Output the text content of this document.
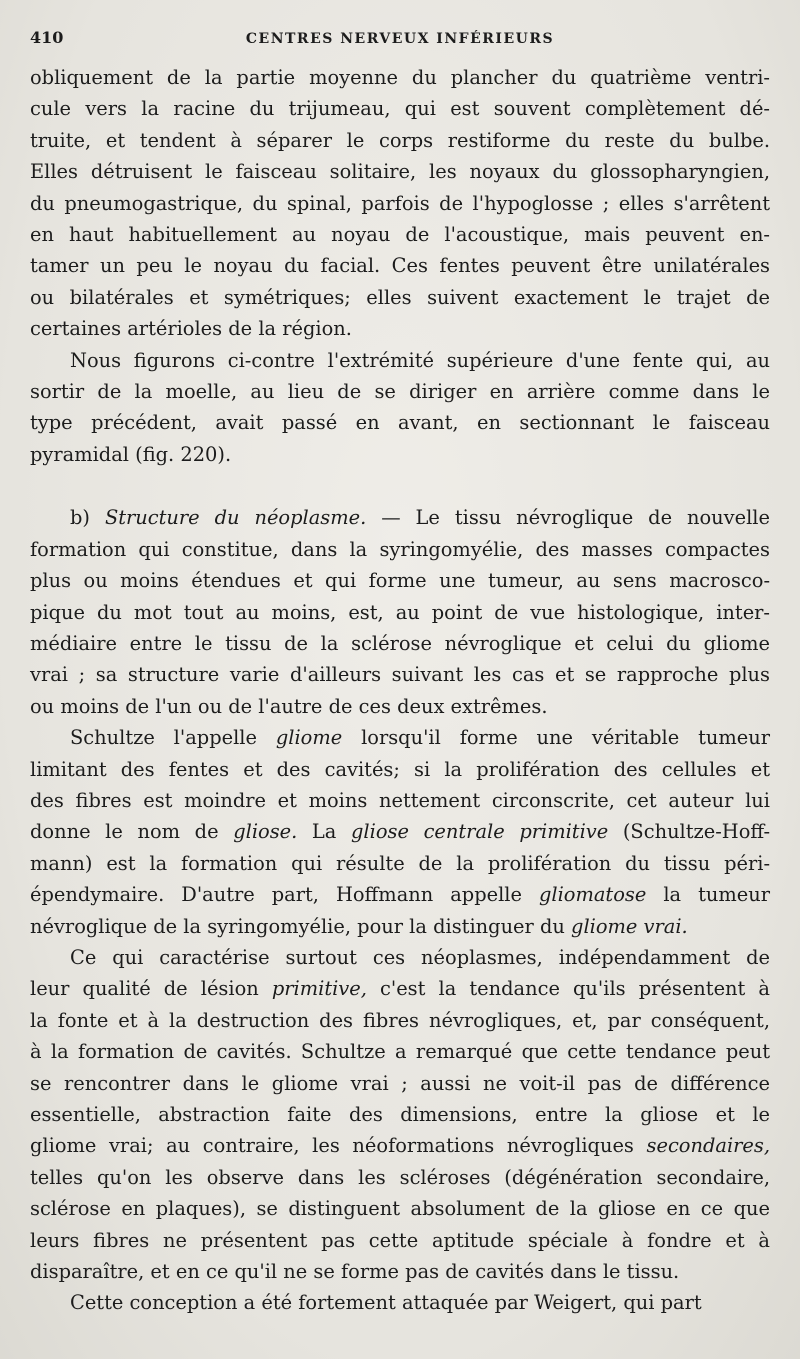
410	CENTRES NERVEUX INFÉRIEURS
obliquement de la partie moyenne du plancher du quatrième ventri-
cule vers la racine du trijumeau, qui est souvent complètement dé-
truite, et tendent à séparer le corps restiforme du reste du bulbe.
Elles détruisent le faisceau solitaire, les noyaux du glossopharyngien,
du pneumogastrique, du spinal, parfois de l'hypoglosse ; elles s'arrêtent
en haut habituellement au noyau de l'acoustique, mais peuvent en-
tamer un peu le noyau du facial. Ces fentes peuvent être unilatérales
ou bilatérales et symétriques; elles suivent exactement le trajet de
certaines artérioles de la région.
Nous figurons ci-contre l'extrémité supérieure d'une fente qui, au
sortir de la moelle, au lieu de se diriger en arrière comme dans le
type précédent, avait passé en avant, en sectionnant le faisceau
pyramidal (fig. 220).
b) Structure du néoplasme. — Le tissu névroglique de nouvelle
formation qui constitue, dans la syringomyélie, des masses compactes
plus ou moins étendues et qui forme une tumeur, au sens macrosco-
pique du mot tout au moins, est, au point de vue histologique, inter-
médiaire entre le tissu de la sclérose névroglique et celui du gliome
vrai ; sa structure varie d'ailleurs suivant les cas et se rapproche plus
ou moins de l'un ou de l'autre de ces deux extrêmes.
Schultze l'appelle gliome lorsqu'il forme une véritable tumeur
limitant des fentes et des cavités; si la prolifération des cellules et
des fibres est moindre et moins nettement circonscrite, cet auteur lui
donne le nom de gliose. La gliose centrale primitive (Schultze-Hoff-
mann) est la formation qui résulte de la prolifération du tissu péri-
épendymaire. D'autre part, Hoffmann appelle gliomatose la tumeur
névroglique de la syringomyélie, pour la distinguer du gliome vrai.
Ce qui caractérise surtout ces néoplasmes, indépendamment de
leur qualité de lésion primitive, c'est la tendance qu'ils présentent à
la fonte et à la destruction des fibres névrogliques, et, par conséquent,
à la formation de cavités. Schultze a remarqué que cette tendance peut
se rencontrer dans le gliome vrai ; aussi ne voit-il pas de différence
essentielle, abstraction faite des dimensions, entre la gliose et le
gliome vrai; au contraire, les néoformations névrogliques secondaires,
telles qu'on les observe dans les scléroses (dégénération secondaire,
sclérose en plaques), se distinguent absolument de la gliose en ce que
leurs fibres ne présentent pas cette aptitude spéciale à fondre et à
disparaître, et en ce qu'il ne se forme pas de cavités dans le tissu.
Cette conception a été fortement attaquée par Weigert, qui part
